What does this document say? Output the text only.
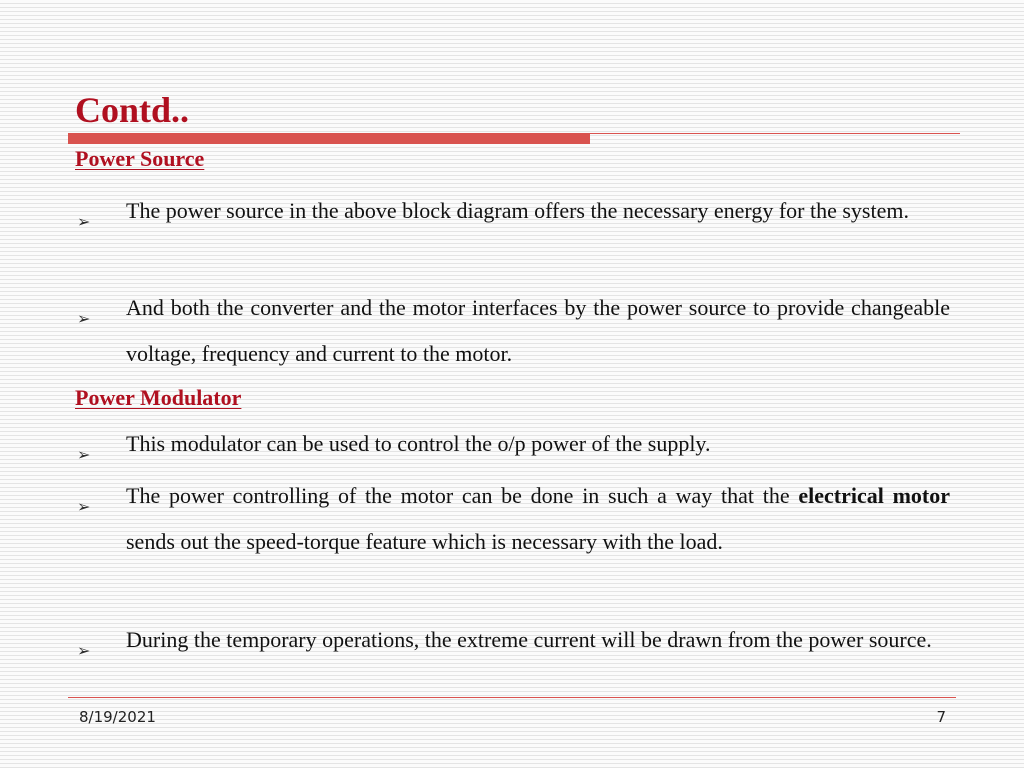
Contd..
Power Source
➢	The power source in the above block diagram offers the necessary energy for the system.
➢	And both the converter and the motor interfaces by the power source to provide changeable voltage, frequency and current to the motor.
Power Modulator
➢	This modulator can be used to control the o/p power of the supply.
➢	The power controlling of the motor can be done in such a way that the electrical motor sends out the speed-torque feature which is necessary with the load.
➢	During the temporary operations, the extreme current will be drawn from the power source.
8/19/2021	7
